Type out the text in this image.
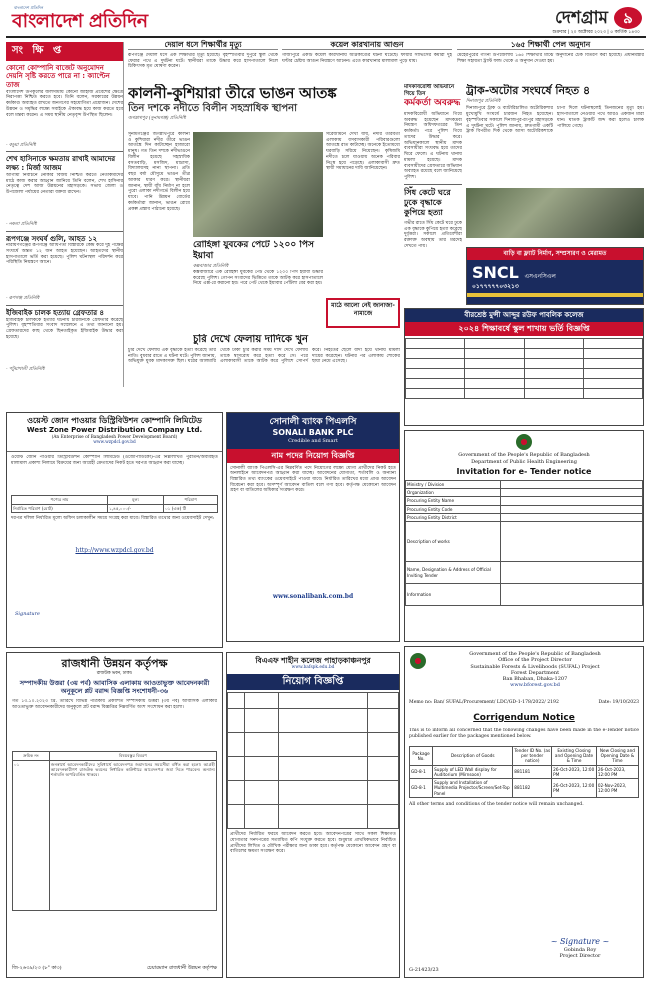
বাংলাদেশ প্রতিদিন
বাংলাদেশ প্রতিদিন	দেশগ্রাম	৯
শুক্রবার | ২০ অক্টোবর ২০২৩ | ৫ কার্তিক ১৪৩০
সং ক্ষি প্ত
কোনো কোম্পানি বাজেট অনুমোদন দেয়নি সৃষ্টি করতে পারে না : ক্যাপ্টেন তাজ
বাংলাদেশ উপকূলের জলসীমায় কোনো জাহাজ প্রবেশের ক্ষেত্রে নিরাপত্তা নিশ্চিত করতে হবে। তিনি বলেন, সরকারের উন্নয়ন কর্মকাণ্ড অব্যাহত রাখতে জনগণের সহযোগিতা প্রয়োজন। দেশের উন্নয়ন ও সমৃদ্ধির লক্ষ্যে সবাইকে ঐক্যবদ্ধ হয়ে কাজ করতে হবে বলে মন্তব্য করেন। এ সময় স্থানীয় নেতৃবৃন্দ উপস্থিত ছিলেন।
- কচুয়া প্রতিনিধি
শেখ হাসিনাকে ক্ষমতায় রাখাই আমাদের লক্ষ্য : মির্জা আজম
আগামী নির্বাচনে নৌকার বিজয় নিশ্চিত করতে নেতাকর্মীদের মাঠে কাজ করার আহ্বান জানিয়ে তিনি বলেন, শেখ হাসিনার নেতৃত্বে দেশ আজ উন্নয়নের মহাসড়কে। সভায় জেলা ও উপজেলা পর্যায়ের নেতারা বক্তব্য রাখেন।
- নকলা প্রতিনিধি
রূপগঞ্জে সংঘর্ষ গুলি, আহত ১২
নারায়ণগঞ্জের রূপগঞ্জে আধিপত্য বিস্তারকে কেন্দ্র করে দুই পক্ষের সংঘর্ষে অন্তত ১২ জন আহত হয়েছেন। আহতদের স্থানীয় হাসপাতালে ভর্তি করা হয়েছে। পুলিশ ঘটনাস্থল পরিদর্শন করে পরিস্থিতি নিয়ন্ত্রণে আনে।
- রূপগঞ্জ প্রতিনিধি
ইজিবাইক চালক হত্যায় গ্রেফতার ৪
ইজিবাইক চালককে হত্যার ঘটনায় চারজনকে গ্রেফতার করেছে পুলিশ। বৃহস্পতিবার সংবাদ সম্মেলনে এ তথ্য জানানো হয়। গ্রেফতারদের কাছ থেকে ছিনতাইকৃত ইজিবাইক উদ্ধার করা হয়েছে।
- পটুয়াখালী প্রতিনিধি
দেয়াল ধসে শিক্ষার্থীর মৃত্যু	কয়েল কারখানায় আগুন	১৬৫ শিক্ষার্থী পেল অনুদান
রূপগঞ্জে দেয়াল ধসে এক শিক্ষার্থীর মৃত্যু হয়েছে। বৃহস্পতিবার দুপুরে স্কুল থেকে ফেরার পথে এ দুর্ঘটনা ঘটে। স্থানীয়রা তাকে উদ্ধার করে হাসপাতালে নিলে চিকিৎসক মৃত ঘোষণা করেন।
গাজীপুরে একটি কয়েল কারখানায় অগ্নিকাণ্ডের ঘটনা ঘটেছে। ফায়ার সার্ভিসের কর্মীরা দুই ঘণ্টার চেষ্টায় আগুন নিয়ন্ত্রণে আনেন। এতে কারখানার মালামাল পুড়ে যায়।
মেহেরপুরের গাংনী উপজেলায় ১৬৫ শিক্ষার্থীর মাঝে অনুদানের চেক বিতরণ করা হয়েছে। প্রধানমন্ত্রীর শিক্ষা সহায়তা ট্রাস্ট ফান্ড থেকে এ অনুদান দেওয়া হয়।
কালনী-কুশিয়ারা তীরে ভাঙন আতঙ্ক
তিন দশকে নদীতে বিলীন সহস্রাধিক স্থাপনা
জগন্নাথপুর (সুনামগঞ্জ) প্রতিনিধি
সুনামগঞ্জের জগন্নাথপুরে কালনী ও কুশিয়ারা নদীর তীরে ভাঙন আতঙ্কে দিন কাটাচ্ছেন হাজারো মানুষ। গত তিন দশকে নদীভাঙনে বিলীন হয়েছে সহস্রাধিক বসতবাড়ি, মসজিদ, মাদ্রাসা, বিদ্যালয়সহ নানা স্থাপনা। প্রতি বছর বর্ষা মৌসুমে ভাঙন তীব্র আকার ধারণ করে। স্থানীয়রা জানান, স্থায়ী বাঁধ নির্মাণ না হলে পুরো এলাকা নদীগর্ভে বিলীন হয়ে যাবে। পানি উন্নয়ন বোর্ডের কর্মকর্তারা জানান, ভাঙন রোধে প্রকল্প প্রস্তাব পাঠানো হয়েছে।
সরেজমিনে দেখা যায়, নদীর তীরবর্তী এলাকায় বসবাসকারী পরিবারগুলো আতঙ্কে রাত কাটাচ্ছে। অনেকে ইতোমধ্যে ঘরবাড়ি সরিয়ে নিয়েছেন। কৃষিজমি নদীতে চলে যাওয়ায় অনেক পরিবার নিঃস্ব হয়ে পড়েছে। এলাকাবাসী দ্রুত স্থায়ী সমাধানের দাবি জানিয়েছেন।
রোহিঙ্গা যুবকের পেটে ১২০০ পিস ইয়াবা
কক্সবাজার প্রতিনিধি
কক্সবাজারে এক রোহিঙ্গা যুবকের পেট থেকে ১২০০ পিস ইয়াবা উদ্ধার করেছে পুলিশ। গোপন সংবাদের ভিত্তিতে তাকে আটক করে হাসপাতালে নিয়ে এক্স-রে করানো হয়। পরে পেট থেকে ইয়াবার পোঁটলা বের করা হয়।
মাঠে আলো নেই জানাজা-নামাজে
চুরি দেখে ফেলায় দাদিকে খুন
চুরি দেখে ফেলায় এক বৃদ্ধাকে হত্যা করেছে তার নাতি। বুধবার রাতে এ ঘটনা ঘটে। পুলিশ জানায়, অভিযুক্ত যুবক মাদকাসক্ত ছিল। ঘরের আলমারি থেকে টাকা চুরি করার সময় দাদি দেখে ফেলায় তাকে শ্বাসরোধ করে হত্যা করে সে। পরে এলাকাবাসী তাকে আটক করে পুলিশে সোপর্দ করে। নিহতের ছেলে বাদী হয়ে থানায় মামলা দায়ের করেছেন। ঘটনার পর এলাকায় শোকের ছায়া নেমে এসেছে।
মাদকবিরোধী অভিযানে গিয়ে তিন
কর্মকর্তা অবরুদ্ধ
মাদকবিরোধী অভিযানে গিয়ে অবরুদ্ধ হয়েছেন মাদকদ্রব্য নিয়ন্ত্রণ অধিদফতরের তিন কর্মকর্তা। পরে পুলিশ গিয়ে তাদের উদ্ধার করে। অভিযানকালে স্থানীয় মাদক ব্যবসায়ীরা সংঘবদ্ধ হয়ে তাদের ঘিরে ফেলে। এ ঘটনায় থানায় মামলা হয়েছে। মাদক ব্যবসায়ীদের গ্রেফতারে অভিযান অব্যাহত রয়েছে বলে জানিয়েছে পুলিশ।
সিঁধ কেটে ঘরে ঢুকে বৃদ্ধাকে কুপিয়ে হত্যা
গভীর রাতে সিঁধ কেটে ঘরে ঢুকে এক বৃদ্ধাকে কুপিয়ে হত্যা করেছে দুর্বৃত্তরা। সকালে প্রতিবেশীরা রক্তাক্ত অবস্থায় তার মরদেহ দেখতে পায়।
ট্রাক-অটোর সংঘর্ষে নিহত ৪
দিনাজপুর প্রতিনিধি
দিনাজপুরে ট্রাক ও ব্যাটারিচালিত অটোরিকশার মুখোমুখি সংঘর্ষে চারজন নিহত হয়েছেন। বৃহস্পতিবার সকালে দিনাজপুর-রংপুর মহাসড়কে এ দুর্ঘটনা ঘটে। পুলিশ জানায়, দ্রুতগামী একটি ট্রাক বিপরীত দিক থেকে আসা অটোরিকশাকে চাপা দিলে ঘটনাস্থলেই তিনজনের মৃত্যু হয়। হাসপাতালে নেওয়ার পথে আরও একজন মারা যান। ঘাতক ট্রাকটি জব্দ করা হলেও চালক পালিয়ে গেছে।
বাড়ি বা ফ্ল্যাট নির্মাণ, সম্প্রসারণ ও মেরামত
SNCL এসএনসিএল
০১৭৭৭৭৭০৩২১৩
বীরশ্রেষ্ঠ মুন্সী আব্দুর রউফ পাবলিক কলেজ
২০২৪ শিক্ষাবর্ষে স্কুল শাখায় ভর্তি বিজ্ঞপ্তি

ওয়েস্ট জোন পাওয়ার ডিস্ট্রিবিউশন কোম্পানি লিমিটেড
West Zone Power Distribution Company Ltd.
(An Enterprise of Bangladesh Power Development Board)
www.wzpdcl.gov.bd
ওয়েস্ট জোন পাওয়ার ডিস্ট্রিবিউশন কোম্পানি লিমিটেড (ওজোপাডিকো)-এর নিম্নলিখিত পুরাতন/অব্যবহৃত মালামাল প্রকাশ্য নিলামে বিক্রয়ের জন্য আগ্রহী ক্রেতাদের নিকট হতে দরপত্র আহ্বান করা যাচ্ছে।
পণ্যের নাম	মূল্য	পরিমাণ
নির্বাচিত পরিমাণ (মোট)	১,৪৫,০০০/-	০১ (এক) টি
দরপত্র দলিল নির্ধারিত মূল্যে অফিস চলাকালীন সময়ে সংগ্রহ করা যাবে। বিস্তারিত তথ্যের জন্য ওয়েবসাইট দেখুন:
http://www.wzpdcl.gov.bd
Signature
সোনালী ব্যাংক পিএলসি
SONALI BANK PLC
Credible and Smart
নাম পদের নিয়োগ বিজ্ঞপ্তি
সোনালী ব্যাংক পিএলসি-এর নিম্নবর্ণিত পদে নিয়োগের লক্ষ্যে যোগ্য প্রার্থীদের নিকট হতে অনলাইনে আবেদনপত্র আহ্বান করা যাচ্ছে। আবেদনের যোগ্যতা, শর্তাবলি ও অন্যান্য বিস্তারিত তথ্য ব্যাংকের ওয়েবসাইটে পাওয়া যাবে। নির্ধারিত তারিখের মধ্যে প্রাপ্ত আবেদন বিবেচনা করা হবে। অসম্পূর্ণ আবেদন বাতিল বলে গণ্য হবে। কর্তৃপক্ষ যেকোনো আবেদন গ্রহণ বা বাতিলের অধিকার সংরক্ষণ করে।
www.sonalibank.com.bd
Government of the People's Republic of Bangladesh
Department of Public Health Engineering
Invitation for e- Tender notice
Ministry / Division	
Organization	
Procuring Entity Name	
Procuring Entity Code	
Procuring Entity District	
Description of works	
Name, Designation & Address of Official Inviting Tender	
Information	
রাজধানী উন্নয়ন কর্তৃপক্ষ
রাজউক ভবন, ঢাকা।
সম্পাদকীয় উত্তরা (৩য় পর্ব) আবাসিক এলাকায় আওতাভুক্ত আবেদনকারী অনুকূলে প্লট বরাদ্দ বিজ্ঞপ্তি সংশোধনী-৩৬
গত ১৩.১০.২০২৩ খ্রি. তারিখে বিভিন্ন পত্রিকায় প্রকাশিত সম্পাদকীয় উত্তরা (৩য় পর্ব) আবাসিক এলাকার আওতাভুক্ত আবেদনকারীদের অনুকূলে প্লট বরাদ্দ বিজ্ঞপ্তির নিম্নবর্ণিত অংশ সংশোধন করা হলো।
ক্রমিক নং	বিষয়বস্তুর বিবরণ
০১	জনস্বার্থে আবেদনকারীদের সুবিধার্থে আবেদনপত্র জমাদানের সময়সীমা বর্ধিত করা হলো। আগ্রহী আবেদনকারীগণ রাজউক ভবনের নির্ধারিত কাউন্টারে আবেদনপত্র জমা দিতে পারবেন। অন্যান্য শর্তাবলি অপরিবর্তিত থাকবে।
জি-২৬৩৯/২৩ (৮" কা৩)	চেয়ারম্যান রাজধানী উন্নয়ন কর্তৃপক্ষ
বিএএফ শাহীন কলেজ পাহাড়কাঞ্চনপুর
www.bafspk.edu.bd
নিয়োগ বিজ্ঞপ্তি

প্রার্থীদের নির্ধারিত ফরমে আবেদন করতে হবে। আবেদনপত্রের সাথে সকল শিক্ষাগত যোগ্যতার সনদপত্রের সত্যায়িত কপি সংযুক্ত করতে হবে। শুধুমাত্র প্রাথমিকভাবে নির্বাচিত প্রার্থীদের লিখিত ও মৌখিক পরীক্ষার জন্য ডাকা হবে। কর্তৃপক্ষ যেকোনো আবেদন গ্রহণ বা বাতিলের ক্ষমতা সংরক্ষণ করে।
Government of the People's Republic of Bangladesh
Office of the Project Director
Sustainable Forests & Livelihoods (SUFAL) Project
Forest Department
Ban Bhaban, Dhaka-1207
www.bforest.gov.bd
Memo no: Ban/ SUFAL/Procurement/ LDC/GD-1-178/2022/ 2192	Date: 19/10/2023
Corrigendum Notice
This is to inform all concerned that the following changes have been made in the e-Tender notice published earlier for the packages mentioned below.
Package No.	Description of Goods	Tender ID No. (as per tender notice)	Existing Closing and Opening Date & Time	New Closing and Opening Date & Time
GD-8-1	Supply of LED Wall display for Auditorium (Mirnsoon)	881181	26-Oct-2023, 12:00 PM	26-Oct-2023, 12:00 PM
GD-8-1	Supply and Installation of Multimedia Projector/Screen/Set-Top Panel	881182	26-Oct-2023, 12:00 PM	02-Nov-2023, 12:00 PM
All other terms and conditions of the tender notice will remain unchanged.
~ Signature ~
Gobinda Roy
Project Director
G-21423/23
